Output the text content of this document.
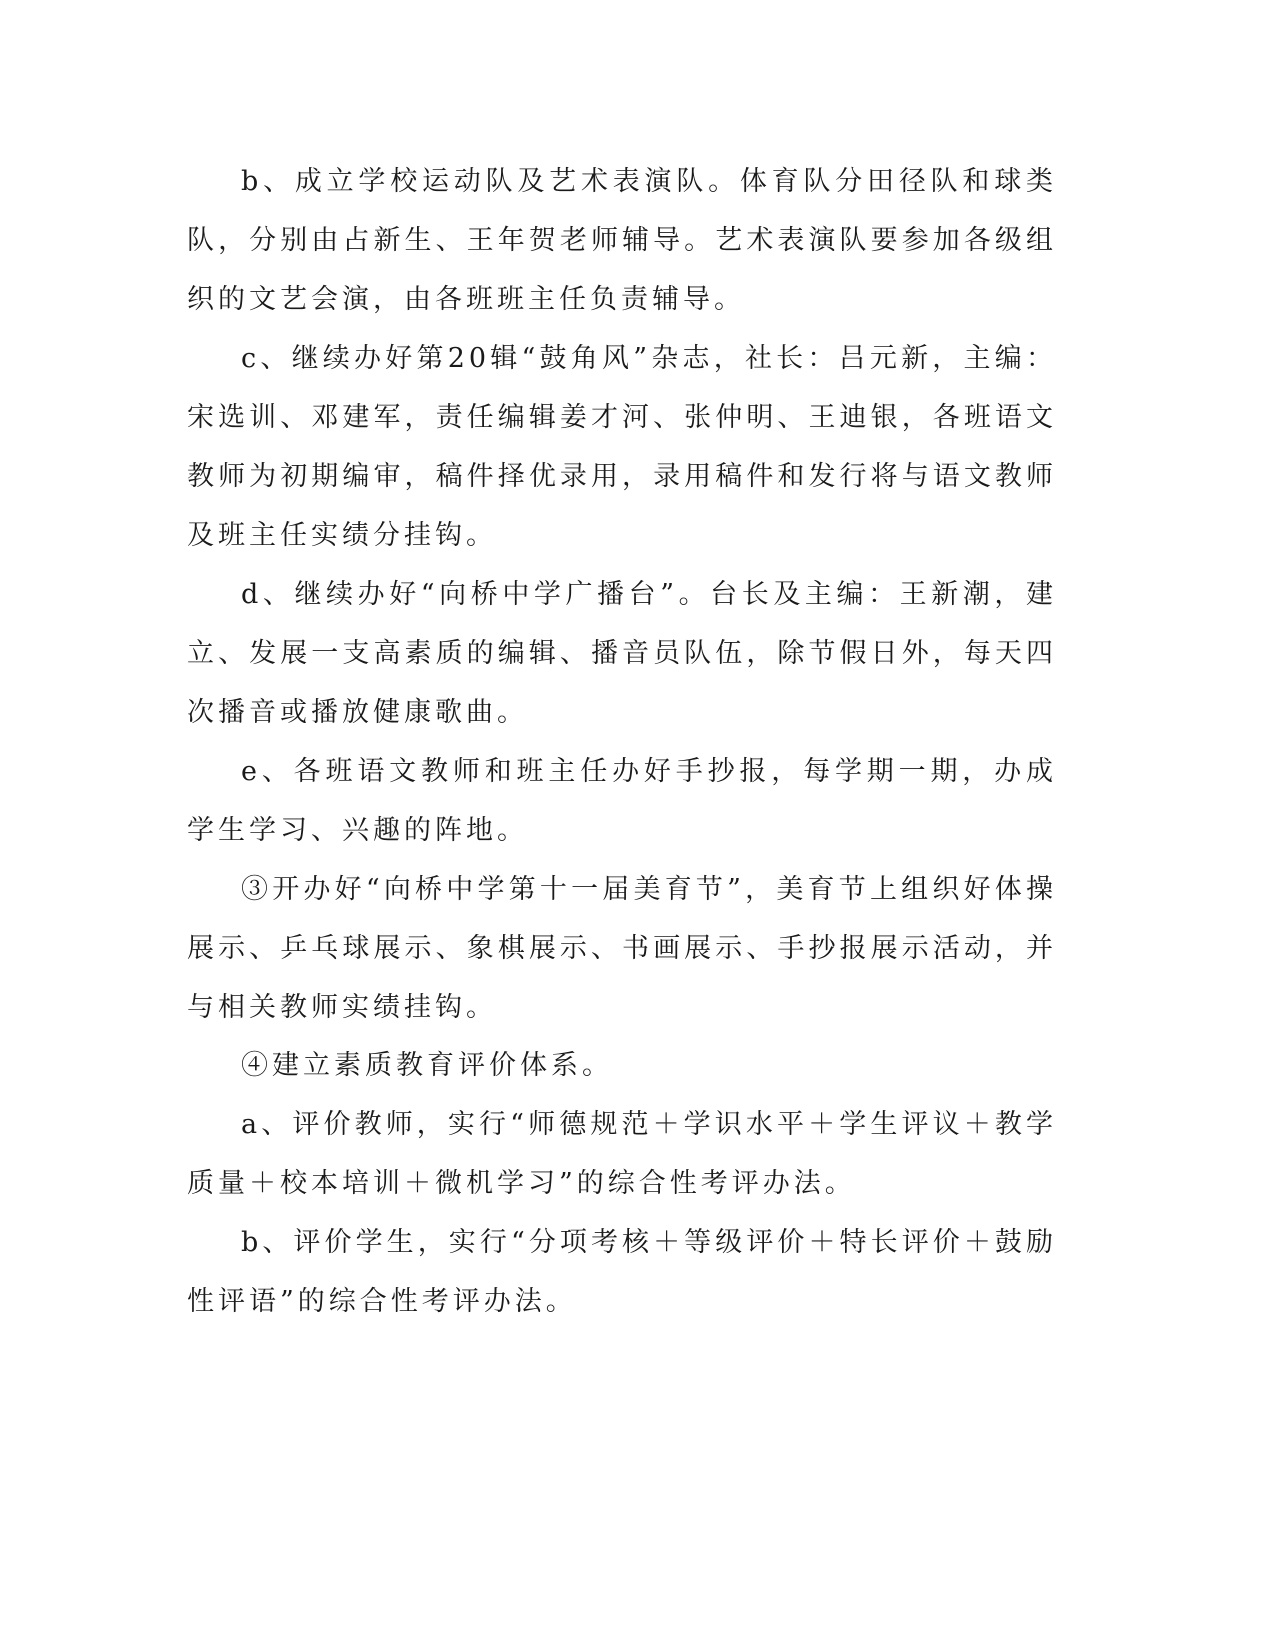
b、成立学校运动队及艺术表演队。体育队分田径队和球类队，分别由占新生、王年贺老师辅导。艺术表演队要参加各级组织的文艺会演，由各班班主任负责辅导。

c、继续办好第20辑“鼓角风”杂志，社长：吕元新，主编：宋选训、邓建军，责任编辑姜才河、张仲明、王迪银，各班语文教师为初期编审，稿件择优录用，录用稿件和发行将与语文教师及班主任实绩分挂钩。

d、继续办好“向桥中学广播台”。台长及主编：王新潮，建立、发展一支高素质的编辑、播音员队伍，除节假日外，每天四次播音或播放健康歌曲。

e、各班语文教师和班主任办好手抄报，每学期一期，办成学生学习、兴趣的阵地。

③开办好“向桥中学第十一届美育节”，美育节上组织好体操展示、乒乓球展示、象棋展示、书画展示、手抄报展示活动，并与相关教师实绩挂钩。

④建立素质教育评价体系。

a、评价教师，实行“师德规范＋学识水平＋学生评议＋教学质量＋校本培训＋微机学习”的综合性考评办法。

b、评价学生，实行“分项考核＋等级评价＋特长评价＋鼓励性评语”的综合性考评办法。
